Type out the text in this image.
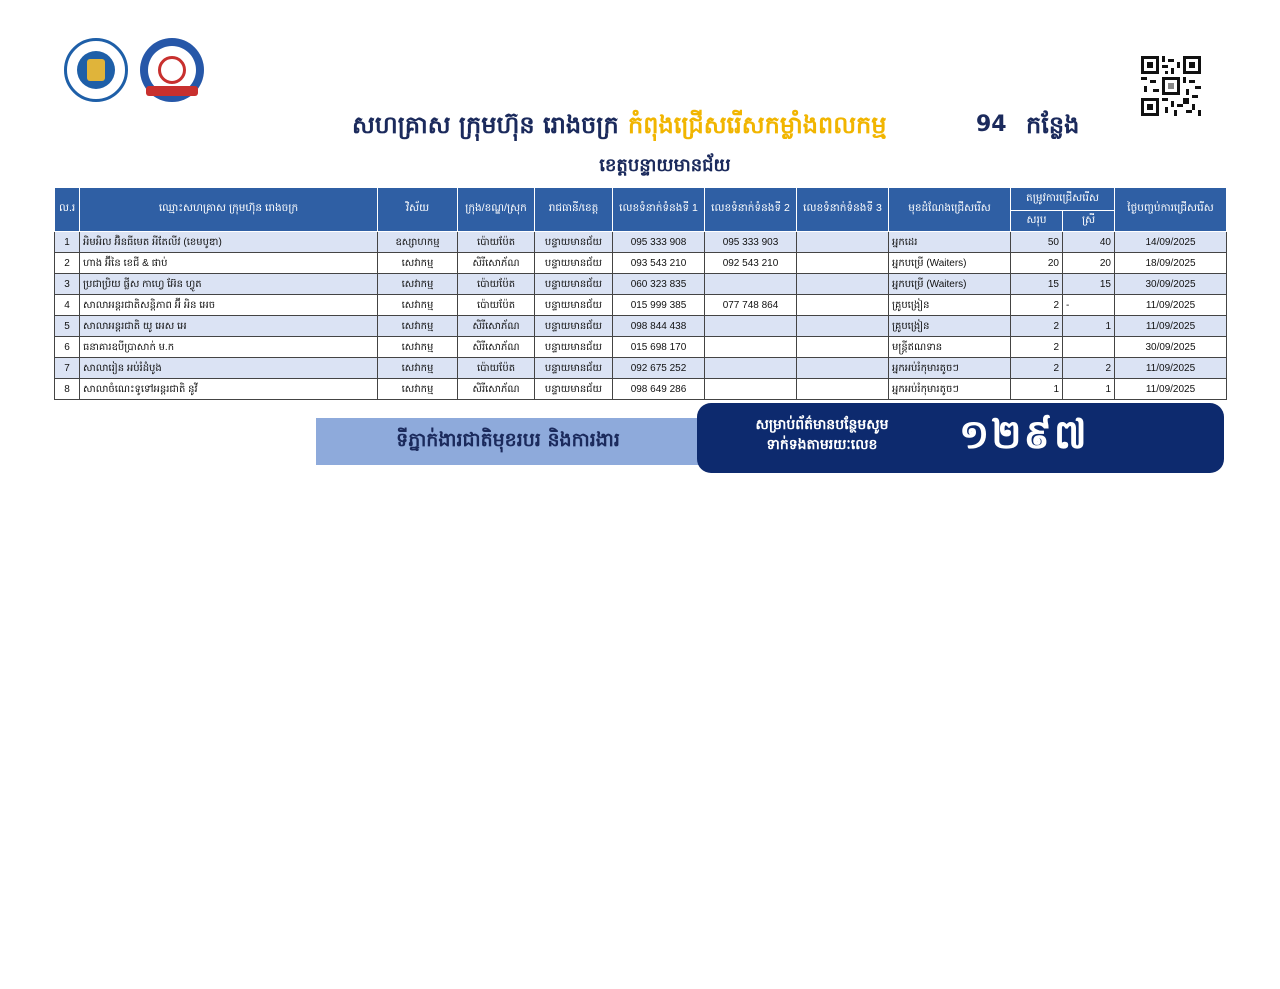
សហគ្រាស ក្រុមហ៊ុន រោងចក្រ កំពុងជ្រើសរើសកម្លាំងពលកម្ម	94 កន្លែង
ខេត្តបន្ទាយមានជ័យ
ល.រ	ឈ្មោះសហគ្រាស ក្រុមហ៊ុន រោងចក្រ	វិស័យ	ក្រុង/ខណ្ឌ/ស្រុក	រាជធានី/ខេត្ត	លេខទំនាក់ទំនងទី 1	លេខទំនាក់ទំនងទី 2	លេខទំនាក់ទំនងទី 3	មុខដំណែងជ្រើសរើស	តម្រូវការជ្រើសរើស		ថ្ងៃបញ្ចប់ការជ្រើសរើស
									សរុប	ស្រី	
1	អិមអិល អ៊ិនធីមេត អីតែលីវ (ខេមបូឌា)	ឧស្សាហកម្ម	ប៉ោយប៉ែត	បន្ទាយមានជ័យ	095 333 908	095 333 903		អ្នកដេរ	50	40	14/09/2025
2	ហាង អ៊ីនៃ ខេជី & ផាប់	សេវាកម្ម	សិរីសោភ័ណ	បន្ទាយមានជ័យ	093 543 210	092 543 210		អ្នកបម្រើ (Waiters)	20	20	18/09/2025
3	ប្រជាប្រិយ ផ្លីស កាហ្វេ អ៊ែន ហ្វូត	សេវាកម្ម	ប៉ោយប៉ែត	បន្ទាយមានជ័យ	060 323 835			អ្នកបម្រើ (Waiters)	15	15	30/09/2025
4	សាលាអន្តរជាតិសន្តិភាព អ៊ី អិន អេច	សេវាកម្ម	ប៉ោយប៉ែត	បន្ទាយមានជ័យ	015 999 385	077 748 864		គ្រូបង្រៀន	2	-	11/09/2025
5	សាលាអន្តរជាតិ យូ អេស អេ	សេវាកម្ម	សិរីសោភ័ណ	បន្ទាយមានជ័យ	098 844 438			គ្រូបង្រៀន	2	1	11/09/2025
6	ធនាគារឧបីប្រាសាក់ ម.ក	សេវាកម្ម	សិរីសោភ័ណ	បន្ទាយមានជ័យ	015 698 170			មន្ត្រីឥណទាន	2		30/09/2025
7	សាលារៀន អប់រំដំបូង	សេវាកម្ម	ប៉ោយប៉ែត	បន្ទាយមានជ័យ	092 675 252			អ្នកអប់រំកុមារតូចៗ	2	2	11/09/2025
8	សាលាចំណេះទូទៅអន្តរជាតិ នូវី	សេវាកម្ម	សិរីសោភ័ណ	បន្ទាយមានជ័យ	098 649 286			អ្នកអប់រំកុមារតូចៗ	1	1	11/09/2025
ទីភ្នាក់ងារជាតិមុខរបរ និងការងារ
សម្រាប់ព័ត៌មានបន្ថែមសូម
ទាក់ទងតាមរយៈលេខ	១២៩៧
